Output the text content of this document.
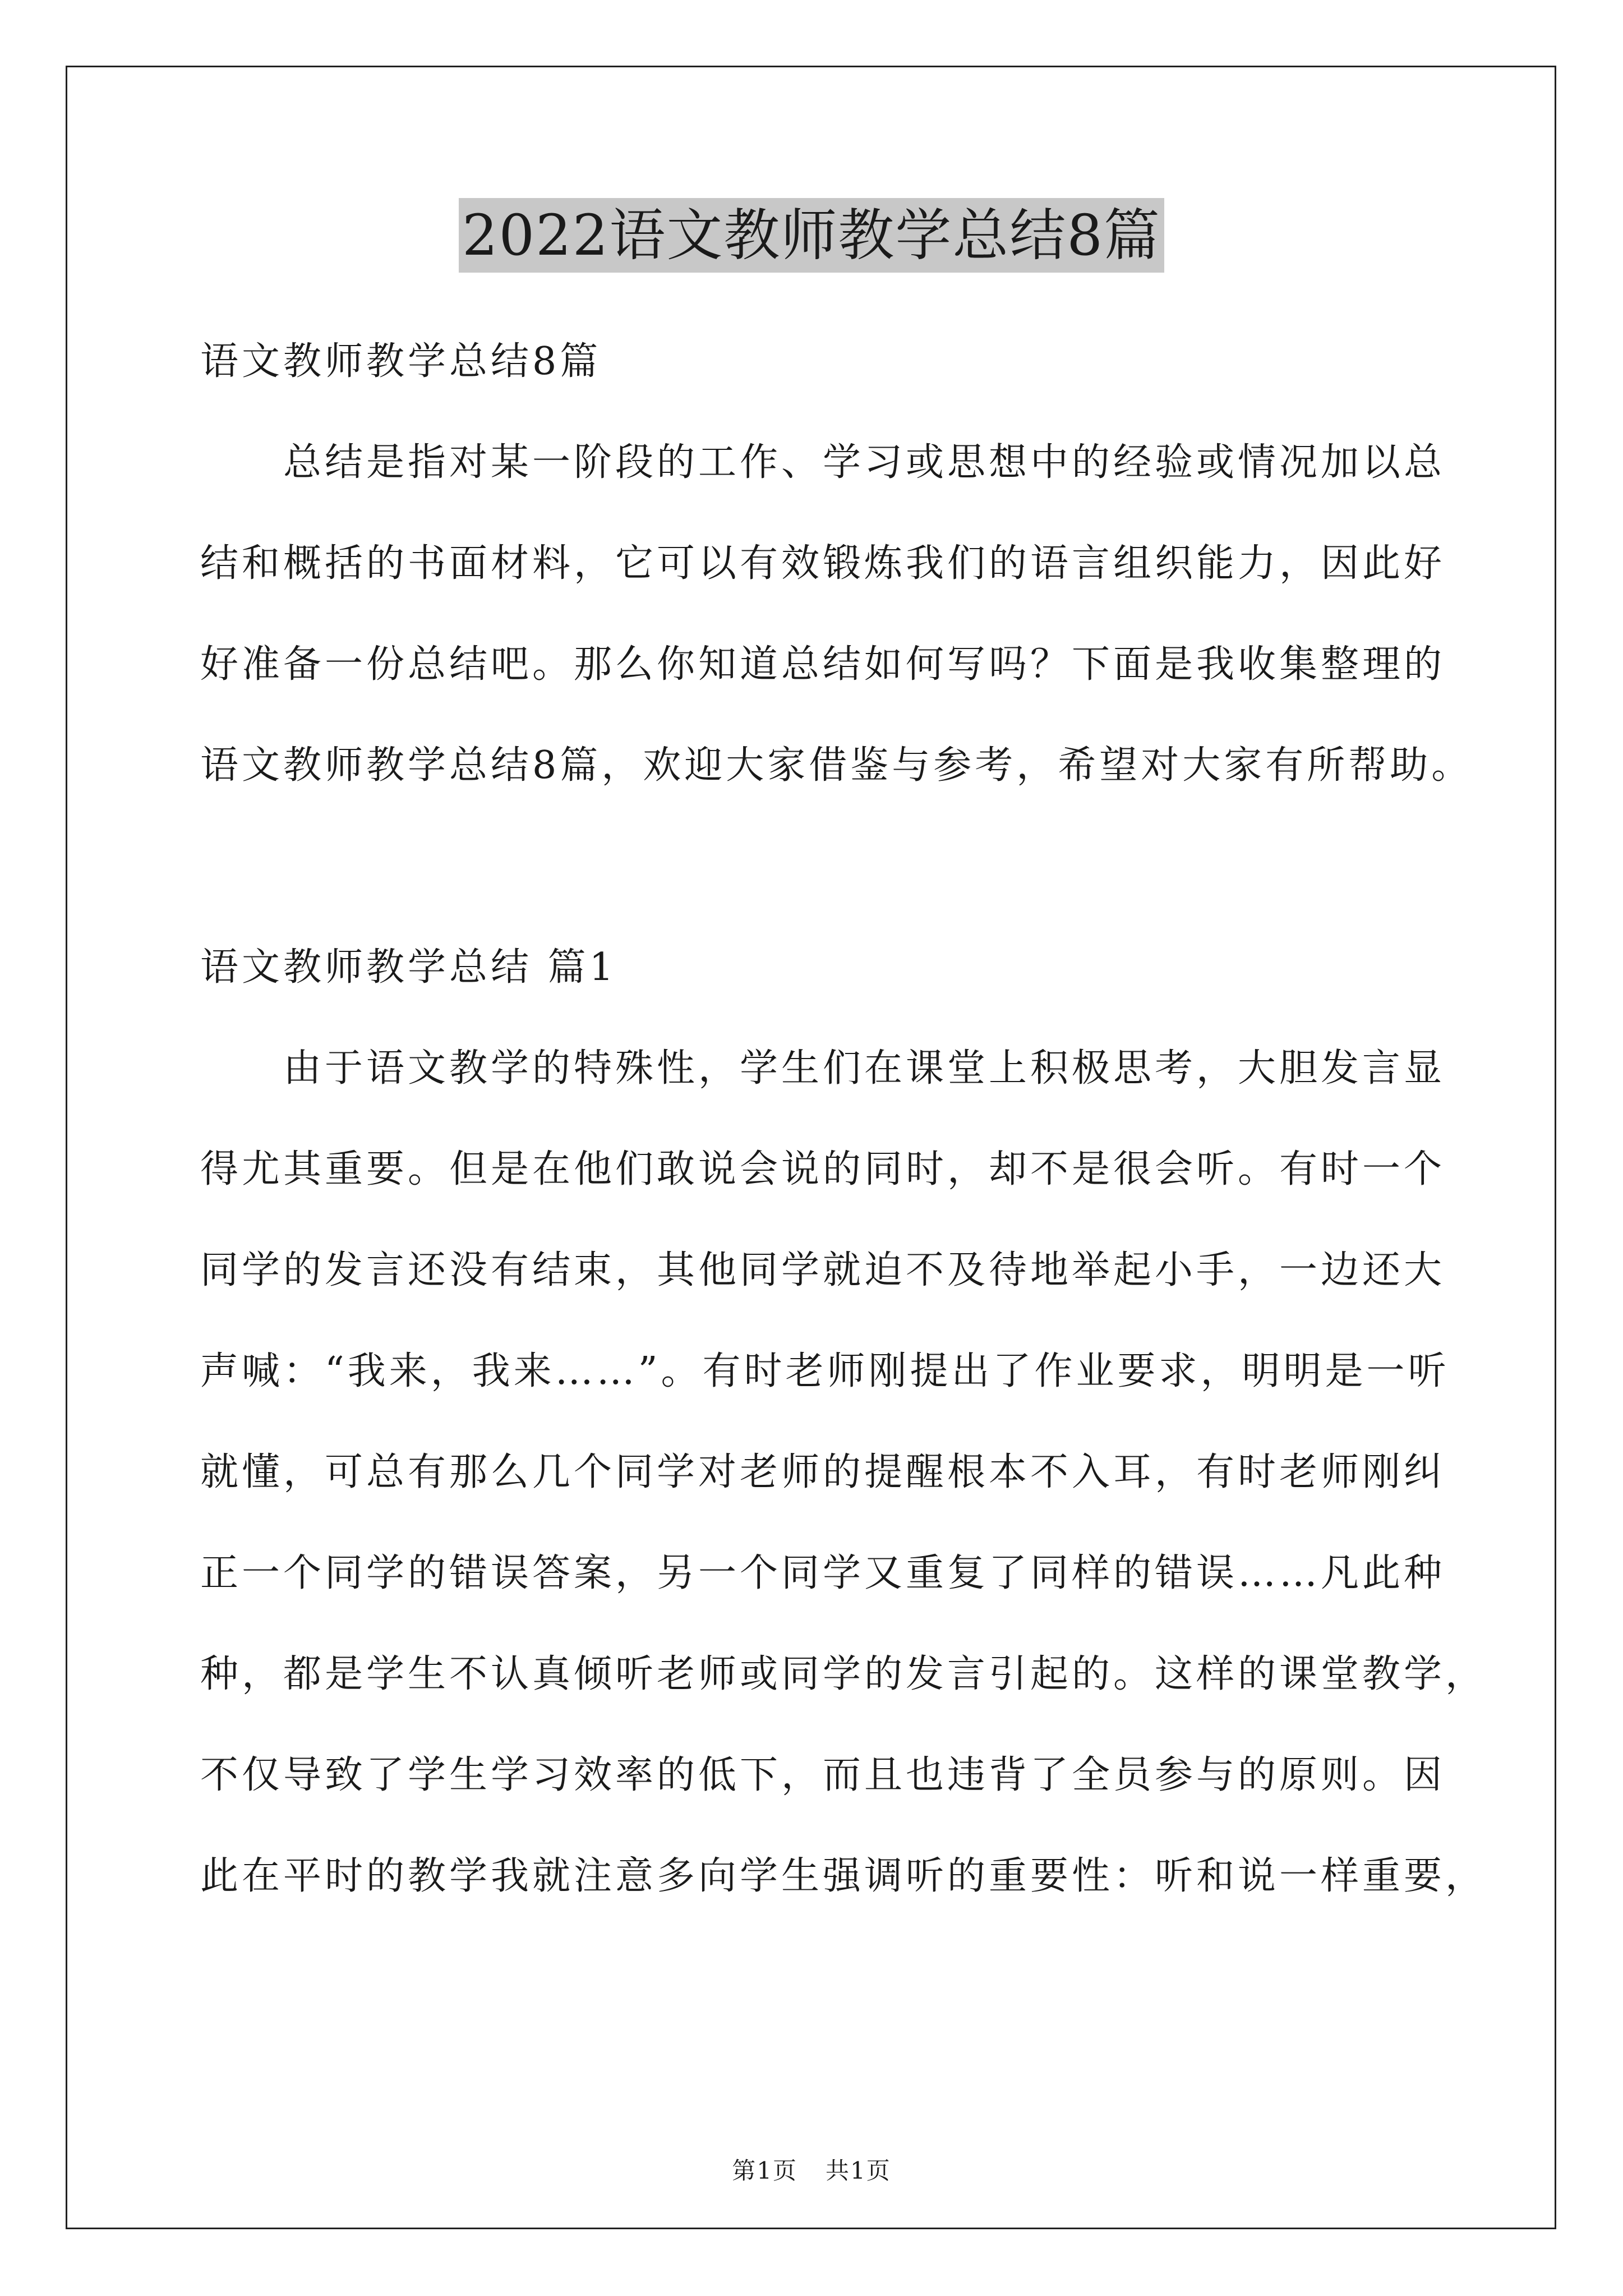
2022语文教师教学总结8篇
语文教师教学总结8篇
　　总结是指对某一阶段的工作、学习或思想中的经验或情况加以总
结和概括的书面材料，它可以有效锻炼我们的语言组织能力，因此好
好准备一份总结吧。那么你知道总结如何写吗？下面是我收集整理的
语文教师教学总结8篇，欢迎大家借鉴与参考，希望对大家有所帮助。
语文教师教学总结 篇1
　　由于语文教学的特殊性，学生们在课堂上积极思考，大胆发言显
得尤其重要。但是在他们敢说会说的同时，却不是很会听。有时一个
同学的发言还没有结束，其他同学就迫不及待地举起小手，一边还大
声喊：“我来，我来……”。有时老师刚提出了作业要求，明明是一听
就懂，可总有那么几个同学对老师的提醒根本不入耳，有时老师刚纠
正一个同学的错误答案，另一个同学又重复了同样的错误……凡此种
种，都是学生不认真倾听老师或同学的发言引起的。这样的课堂教学，
不仅导致了学生学习效率的低下，而且也违背了全员参与的原则。因
此在平时的教学我就注意多向学生强调听的重要性：听和说一样重要，
第1页 共1页
